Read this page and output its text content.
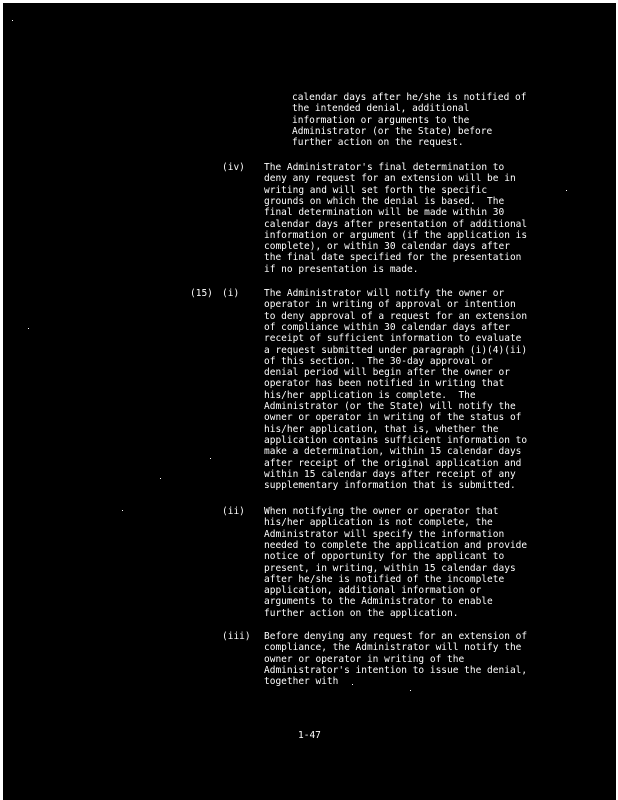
calendar days after he/she is notified of
the intended denial, additional
information or arguments to the
Administrator (or the State) before
further action on the request.
(iv) The Administrator's final determination to
deny any request for an extension will be in
writing and will set forth the specific
grounds on which the denial is based.  The
final determination will be made within 30
calendar days after presentation of additional
information or argument (if the application is
complete), or within 30 calendar days after
the final date specified for the presentation
if no presentation is made.
(15) (i)	The Administrator will notify the owner or
operator in writing of approval or intention
to deny approval of a request for an extension
of compliance within 30 calendar days after
receipt of sufficient information to evaluate
a request submitted under paragraph (i)(4)(ii)
of this section.  The 30-day approval or
denial period will begin after the owner or
operator has been notified in writing that
his/her application is complete.  The
Administrator (or the State) will notify the
owner or operator in writing of the status of
his/her application, that is, whether the
application contains sufficient information to
make a determination, within 15 calendar days
after receipt of the original application and
within 15 calendar days after receipt of any
supplementary information that is submitted.
(ii) When notifying the owner or operator that
his/her application is not complete, the
Administrator will specify the information
needed to complete the application and provide
notice of opportunity for the applicant to
present, in writing, within 15 calendar days
after he/she is notified of the incomplete
application, additional information or
arguments to the Administrator to enable
further action on the application.
(iii) Before denying any request for an extension of
compliance, the Administrator will notify the
owner or operator in writing of the
Administrator's intention to issue the denial,
together with
1-47
